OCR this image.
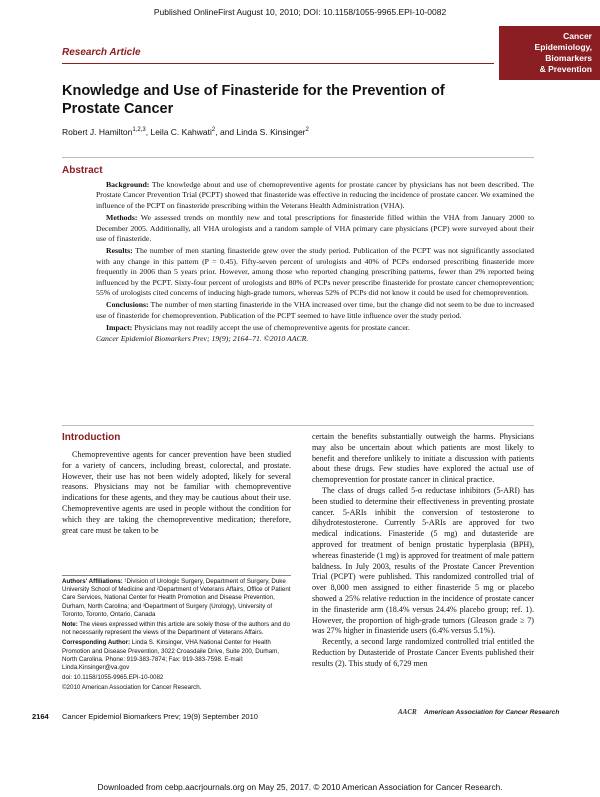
Published OnlineFirst August 10, 2010; DOI: 10.1158/1055-9965.EPI-10-0082
Research Article
Cancer
Epidemiology,
Biomarkers
& Prevention
Knowledge and Use of Finasteride for the Prevention of Prostate Cancer
Robert J. Hamilton$^{1,2,3}$, Leila C. Kahwati$^2$, and Linda S. Kinsinger$^2$
Abstract

Background: The knowledge about and use of chemopreventive agents for prostate cancer by physicians has not been described. The Prostate Cancer Prevention Trial (PCPT) showed that finasteride was effective in reducing the incidence of prostate cancer. We examined the influence of the PCPT on finasteride prescribing within the Veterans Health Administration (VHA).

Methods: We assessed trends on monthly new and total prescriptions for finasteride filled within the VHA from January 2000 to December 2005. Additionally, all VHA urologists and a random sample of VHA primary care physicians (PCP) were surveyed about their use of finasteride.

Results: The number of men starting finasteride grew over the study period. Publication of the PCPT was not significantly associated with any change in this pattern (P = 0.45). Fifty-seven percent of urologists and 40% of PCPs endorsed prescribing finasteride more frequently in 2006 than 5 years prior. However, among those who reported changing prescribing patterns, fewer than 2% reported being influenced by the PCPT. Sixty-four percent of urologists and 80% of PCPs never prescribe finasteride for prostate cancer chemoprevention; 55% of urologists cited concerns of inducing high-grade tumors, whereas 52% of PCPs did not know it could be used for chemoprevention.

Conclusions: The number of men starting finasteride in the VHA increased over time, but the change did not seem to be due to increased use of finasteride for chemoprevention. Publication of the PCPT seemed to have little influence over the study period.

Impact: Physicians may not readily accept the use of chemopreventive agents for prostate cancer.
Cancer Epidemiol Biomarkers Prev; 19(9); 2164–71. ©2010 AACR.

Introduction

Chemopreventive agents for cancer prevention have been studied for a variety of cancers, including breast, colorectal, and prostate. However, their use has not been widely adopted, likely for several reasons. Physicians may not be familiar with chemopreventive indications for these agents, and they may be cautious about their use. Chemopreventive agents are used in people without the condition for which they are taking the chemopreventive medication; therefore, great care must be taken to be

certain the benefits substantially outweigh the harms. Physicians may also be uncertain about which patients are most likely to benefit and therefore unlikely to initiate a discussion with patients about these drugs. Few studies have explored the actual use of chemoprevention for prostate cancer in clinical practice.

The class of drugs called 5-α reductase inhibitors (5-ARI) has been studied to determine their effectiveness in preventing prostate cancer. 5-ARIs inhibit the conversion of testosterone to dihydrotestosterone. Currently 5-ARIs are approved for two medical indications. Finasteride (5 mg) and dutasteride are approved for treatment of benign prostatic hyperplasia (BPH), whereas finasteride (1 mg) is approved for treatment of male pattern baldness. In July 2003, results of the Prostate Cancer Prevention Trial (PCPT) were published. This randomized controlled trial of over 8,000 men assigned to either finasteride 5 mg or placebo showed a 25% relative reduction in the incidence of prostate cancer in the finasteride arm (18.4% versus 24.4% placebo group; ref. 1). However, the proportion of high-grade tumors (Gleason grade ≥ 7) was 27% higher in finasteride users (6.4% versus 5.1%).

Recently, a second large randomized controlled trial entitled the Reduction by Dutasteride of Prostate Cancer Events published their results (2). This study of 6,729 men

Authors' Affiliations: ¹Division of Urologic Surgery, Department of Surgery, Duke University School of Medicine and ²Department of Veterans Affairs, Office of Patient Care Services, National Center for Health Promotion and Disease Prevention, Durham, North Carolina; and ³Department of Surgery (Urology), University of Toronto, Toronto, Ontario, Canada

Note: The views expressed within this article are solely those of the authors and do not necessarily represent the views of the Department of Veterans Affairs.

Corresponding Author: Linda S. Kinsinger, VHA National Center for Health Promotion and Disease Prevention, 3022 Croasdaile Drive, Suite 200, Durham, North Carolina. Phone: 919-383-7874; Fax: 919-383-7598. E-mail: Linda.Kinsinger@va.gov

doi: 10.1158/1055-9965.EPI-10-0082

©2010 American Association for Cancer Research.

2164 Cancer Epidemiol Biomarkers Prev; 19(9) September 2010	AACR American Association for Cancer Research
Downloaded from cebp.aacrjournals.org on May 25, 2017. © 2010 American Association for Cancer Research.
